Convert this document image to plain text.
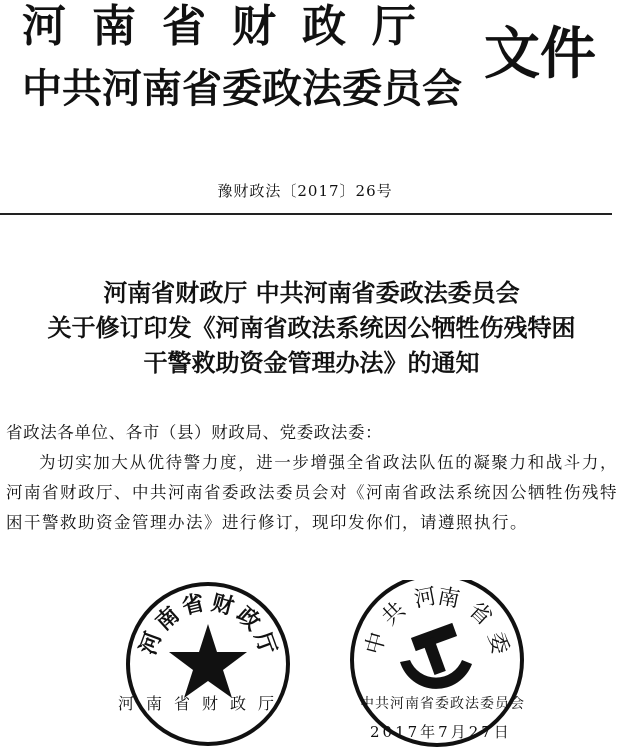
河南省财政厅
中共河南省委政法委员会
文件
豫财政法〔2017〕26号
河南省财政厅 中共河南省委政法委员会
关于修订印发《河南省政法系统因公牺牲伤残特困
干警救助资金管理办法》的通知
省政法各单位、各市（县）财政局、党委政法委：
为切实加大从优待警力度，进一步增强全省政法队伍的凝聚力和战斗力，河南省财政厅、中共河南省委政法委员会对《河南省政法系统因公牺牲伤残特困干警救助资金管理办法》进行修订，现印发你们，请遵照执行。
河
南
省 财
政
厅	中
共 河
南 省
委
河南省财政厅	中共河南省委政法委员会
2017年7月27日
